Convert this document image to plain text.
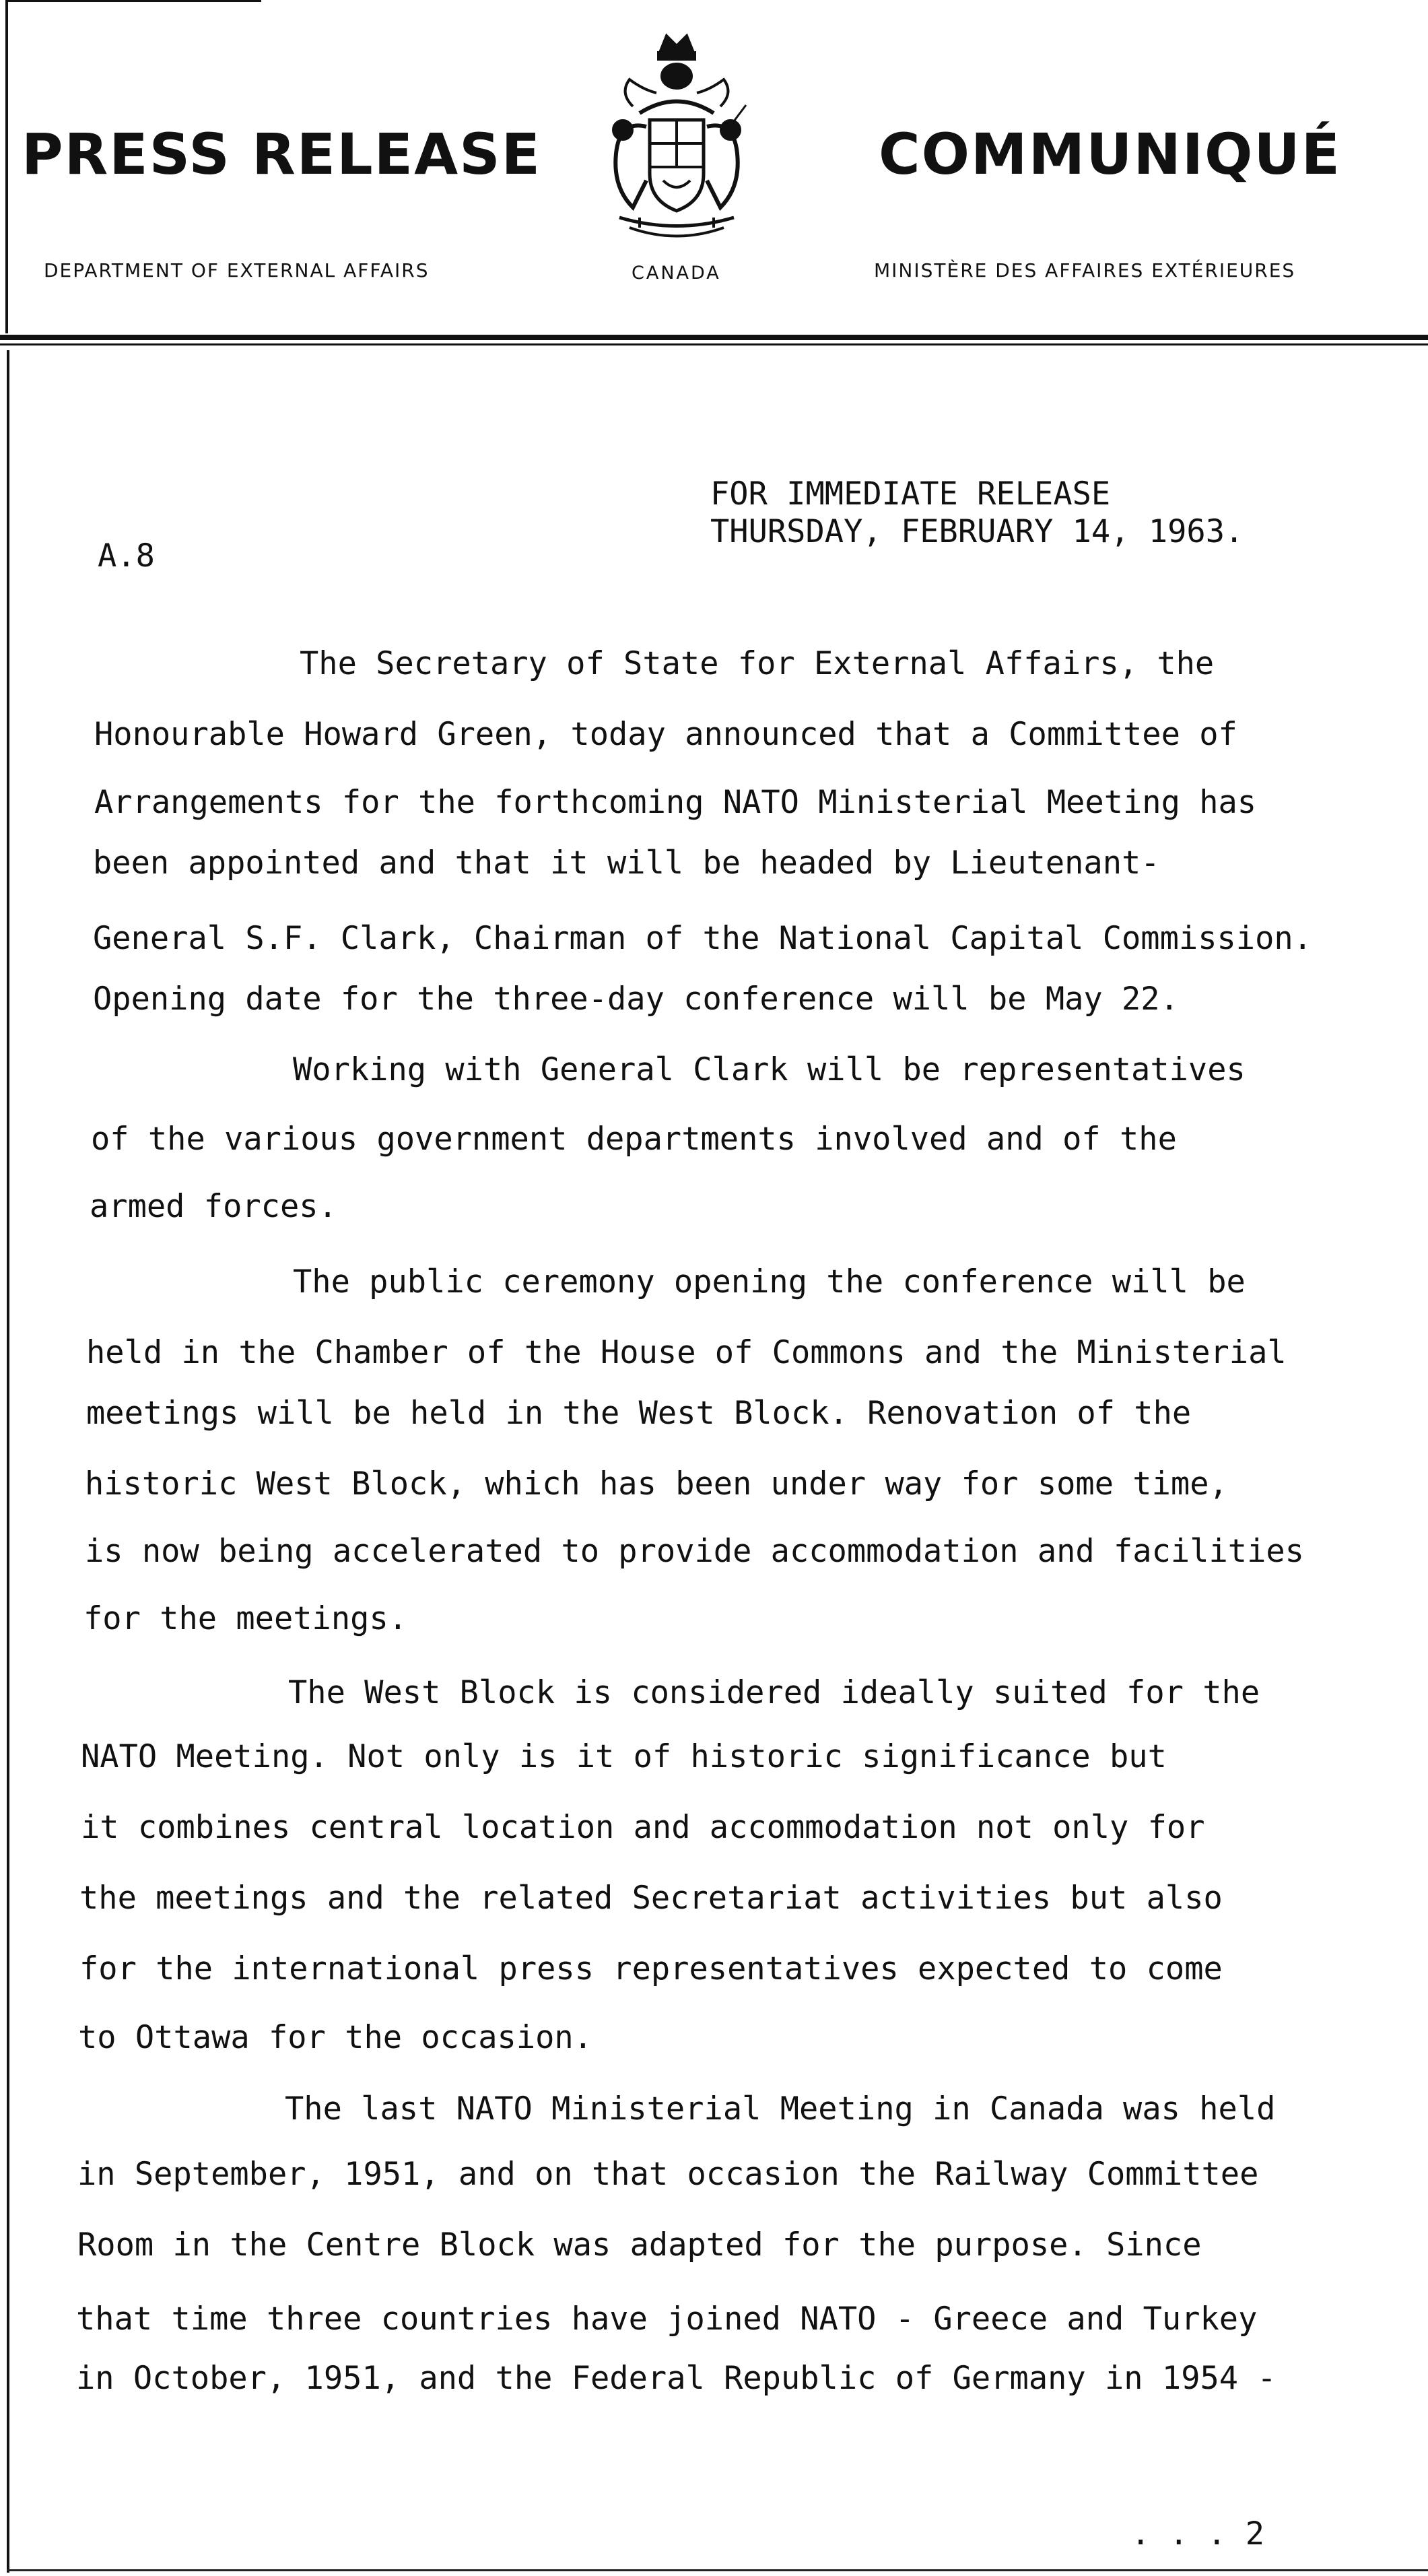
PRESS RELEASE	COMMUNIQUÉ
DEPARTMENT OF EXTERNAL AFFAIRS	MINISTÈRE DES AFFAIRES EXTÉRIEURES
CANADA
FOR IMMEDIATE RELEASE
THURSDAY, FEBRUARY 14, 1963.
A.8
The Secretary of State for External Affairs, the
Honourable Howard Green, today announced that a Committee of
Arrangements for the forthcoming NATO Ministerial Meeting has
been appointed and that it will be headed by Lieutenant-
General S.F. Clark, Chairman of the National Capital Commission.
Opening date for the three-day conference will be May 22.
Working with General Clark will be representatives
of the various government departments involved and of the
armed forces.
The public ceremony opening the conference will be
held in the Chamber of the House of Commons and the Ministerial
meetings will be held in the West Block. Renovation of the
historic West Block, which has been under way for some time,
is now being accelerated to provide accommodation and facilities
for the meetings.
The West Block is considered ideally suited for the
NATO Meeting. Not only is it of historic significance but
it combines central location and accommodation not only for
the meetings and the related Secretariat activities but also
for the international press representatives expected to come
to Ottawa for the occasion.
The last NATO Ministerial Meeting in Canada was held
in September, 1951, and on that occasion the Railway Committee
Room in the Centre Block was adapted for the purpose. Since
that time three countries have joined NATO - Greece and Turkey
in October, 1951, and the Federal Republic of Germany in 1954 -
. . . 2
